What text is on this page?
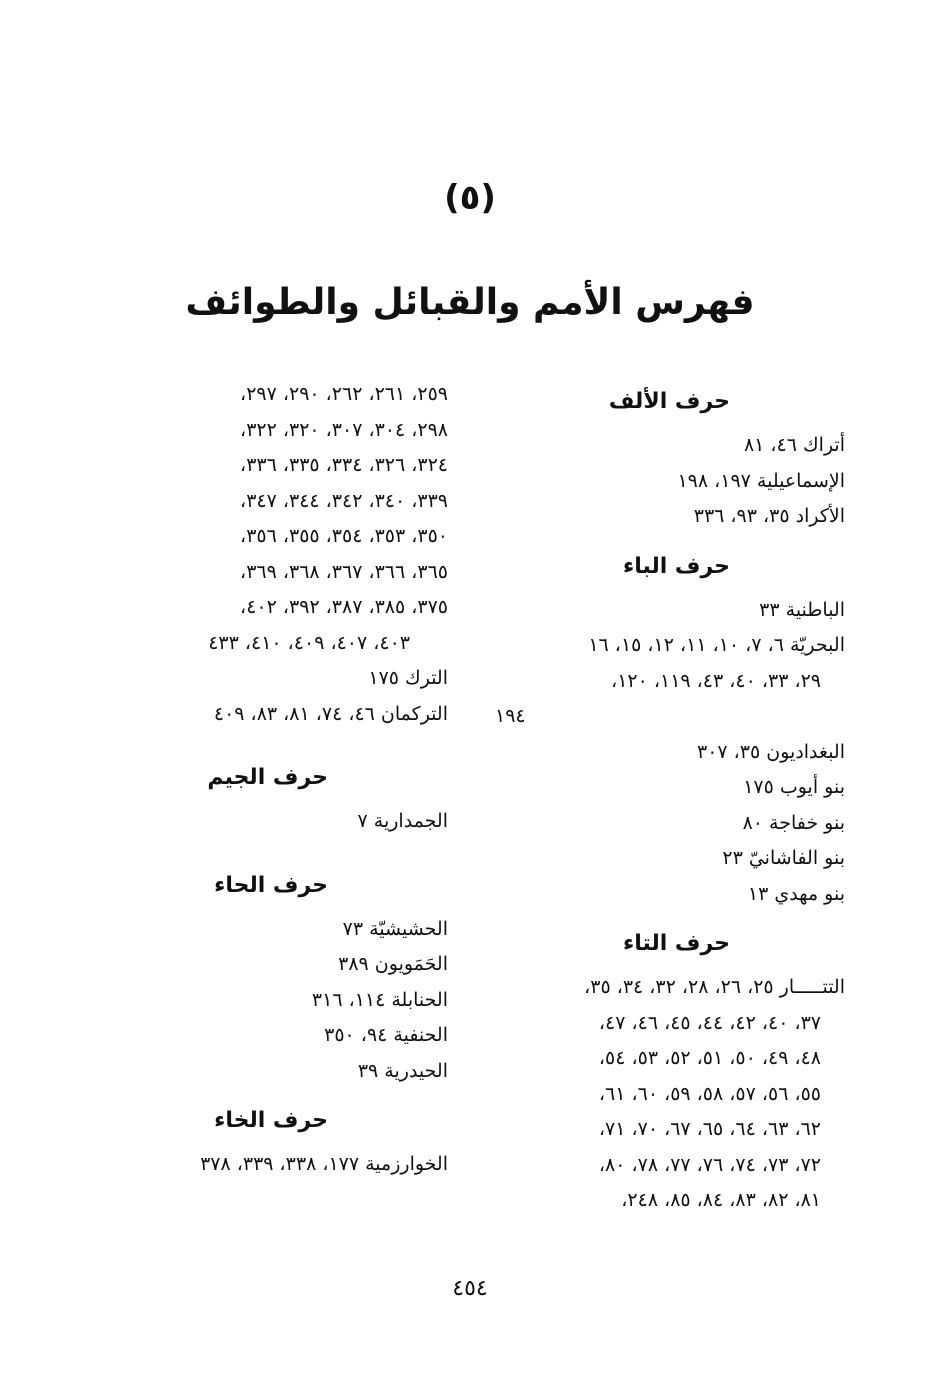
(٥)
فهرس الأمم والقبائل والطوائف
حرف الألف
أتراك ٤٦، ٨١
الإسماعيلية ١٩٧، ١٩٨
الأكراد ٣٥، ٩٣، ٣٣٦
حرف الباء
الباطنية ٣٣
البحريّة ٦، ٧، ١٠، ١١، ١٢، ١٥، ١٦
٢٩، ٣٣، ٤٠، ٤٣، ١١٩، ١٢٠،
١٩٤
البغداديون ٣٥، ٣٠٧
بنو أيوب ١٧٥
بنو خفاجة ٨٠
بنو الفاشانيّ ٢٣
بنو مهدي ١٣
حرف التاء
التتـــــار ٢٥، ٢٦، ٢٨، ٣٢، ٣٤، ٣٥،
٣٧، ٤٠، ٤٢، ٤٤، ٤٥، ٤٦، ٤٧،
٤٨، ٤٩، ٥٠، ٥١، ٥٢، ٥٣، ٥٤،
٥٥، ٥٦، ٥٧، ٥٨، ٥٩، ٦٠، ٦١،
٦٢، ٦٣، ٦٤، ٦٥، ٦٧، ٧٠، ٧١،
٧٢، ٧٣، ٧٤، ٧٦، ٧٧، ٧٨، ٨٠،
٨١، ٨٢، ٨٣، ٨٤، ٨٥، ٢٤٨،
٢٥٩، ٢٦١، ٢٦٢، ٢٩٠، ٢٩٧،
٢٩٨، ٣٠٤، ٣٠٧، ٣٢٠، ٣٢٢،
٣٢٤، ٣٢٦، ٣٣٤، ٣٣٥، ٣٣٦،
٣٣٩، ٣٤٠، ٣٤٢، ٣٤٤، ٣٤٧،
٣٥٠، ٣٥٣، ٣٥٤، ٣٥٥، ٣٥٦،
٣٦٥، ٣٦٦، ٣٦٧، ٣٦٨، ٣٦٩،
٣٧٥، ٣٨٥، ٣٨٧، ٣٩٢، ٤٠٢،
٤٠٣، ٤٠٧، ٤٠٩، ٤١٠، ٤٣٣
الترك ١٧٥
التركمان ٤٦، ٧٤، ٨١، ٨٣، ٤٠٩
حرف الجيم
الجمدارية ٧
حرف الحاء
الحشيشيّة ٧٣
الحَمَويون ٣٨٩
الحنابلة ١١٤، ٣١٦
الحنفية ٩٤، ٣٥٠
الحيدرية ٣٩
حرف الخاء
الخوارزمية ١٧٧، ٣٣٨، ٣٣٩، ٣٧٨
٤٥٤
